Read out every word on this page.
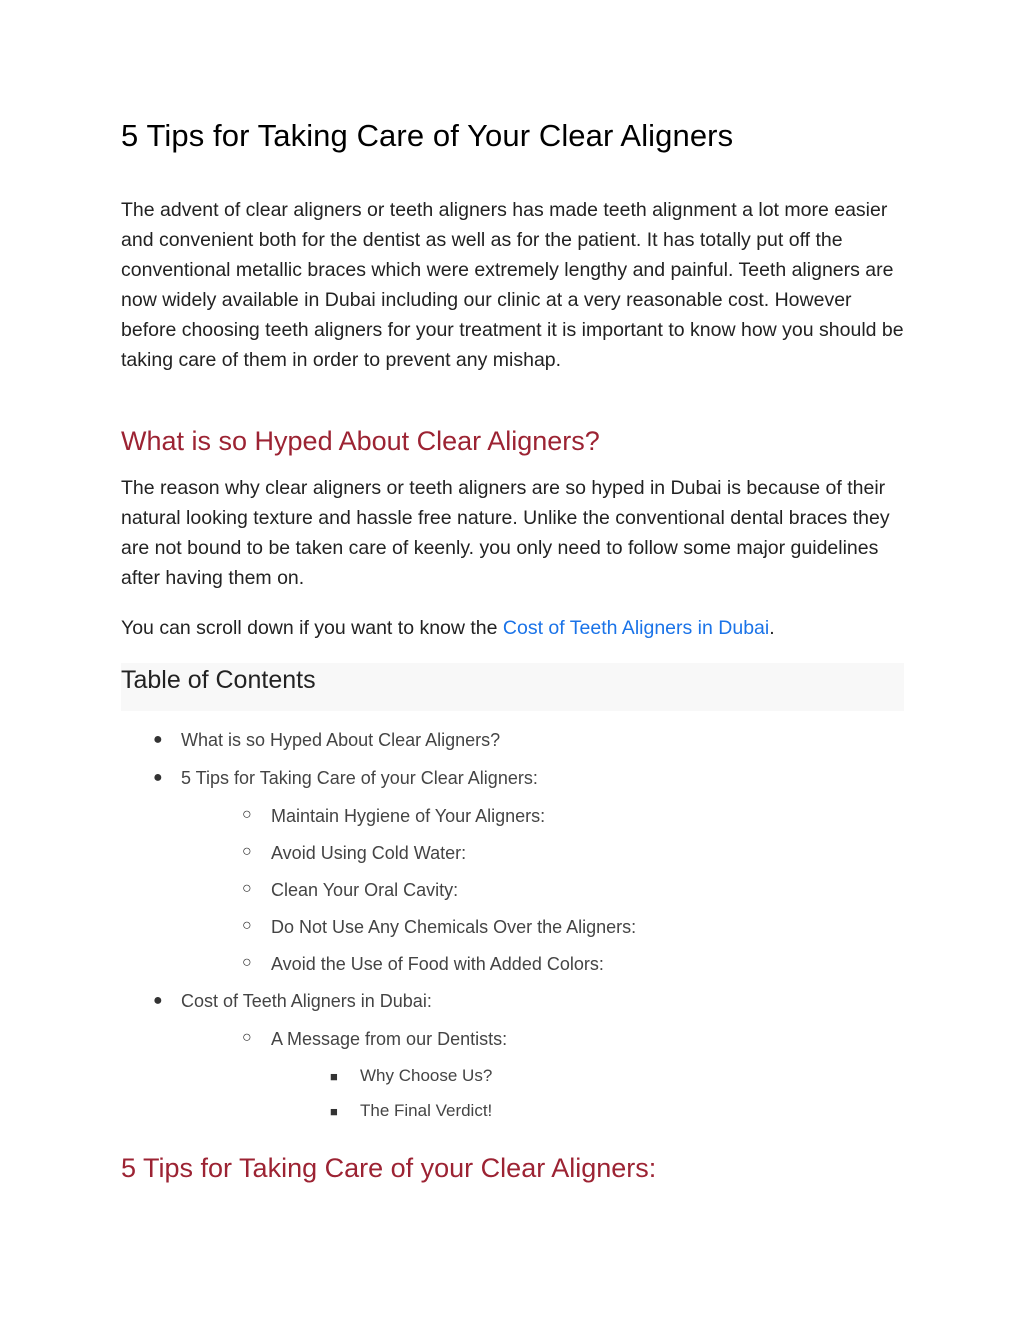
5 Tips for Taking Care of Your Clear Aligners

The advent of clear aligners or teeth aligners has made teeth alignment a lot more easier and convenient both for the dentist as well as for the patient. It has totally put off the conventional metallic braces which were extremely lengthy and painful. Teeth aligners are now widely available in Dubai including our clinic at a very reasonable cost. However before choosing teeth aligners for your treatment it is important to know how you should be taking care of them in order to prevent any mishap.

What is so Hyped About Clear Aligners?

The reason why clear aligners or teeth aligners are so hyped in Dubai is because of their natural looking texture and hassle free nature. Unlike the conventional dental braces they are not bound to be taken care of keenly. you only need to follow some major guidelines after having them on.

You can scroll down if you want to know the Cost of Teeth Aligners in Dubai.

Table of Contents
● What is so Hyped About Clear Aligners?
● 5 Tips for Taking Care of your Clear Aligners:
○ Maintain Hygiene of Your Aligners:
○ Avoid Using Cold Water:
○ Clean Your Oral Cavity:
○ Do Not Use Any Chemicals Over the Aligners:
○ Avoid the Use of Food with Added Colors:
● Cost of Teeth Aligners in Dubai:
○ A Message from our Dentists:
■ Why Choose Us?
■ The Final Verdict!
5 Tips for Taking Care of your Clear Aligners:
